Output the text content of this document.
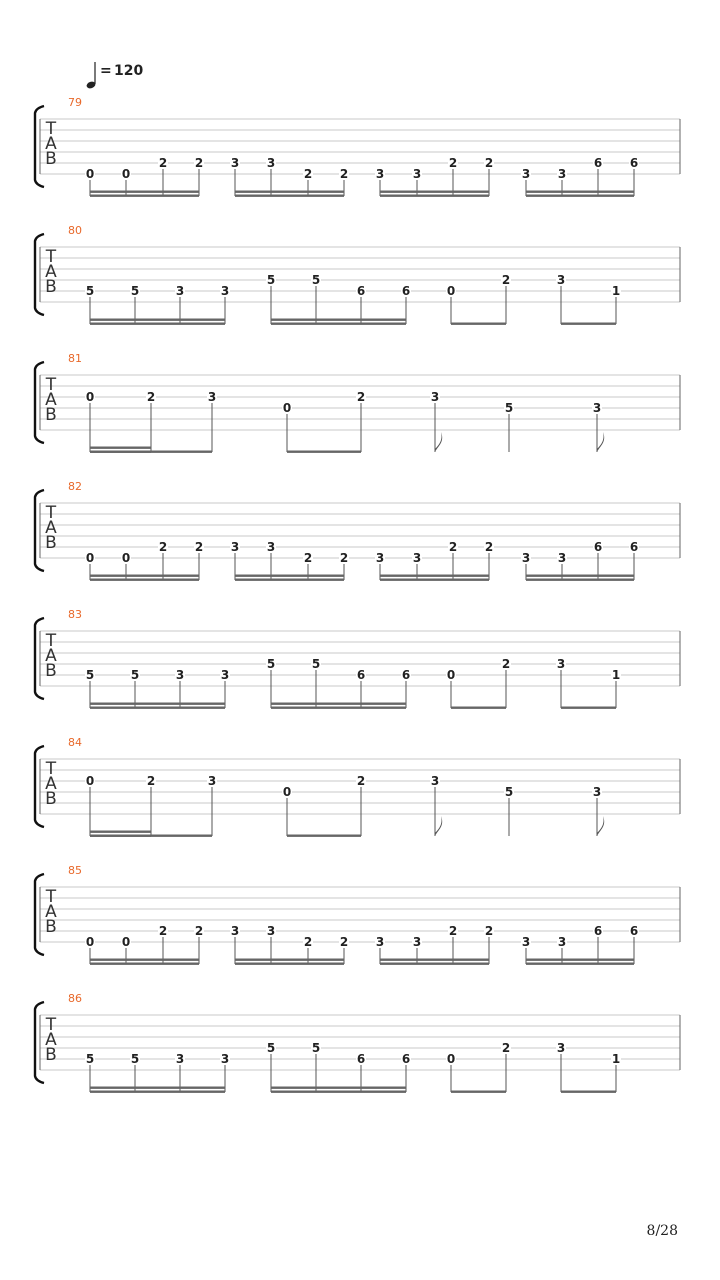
= 120
79
T
A
B
0 0
2 2 3 3
2 2 3 3
2 2
3 3
6 6
80
T
A
B 5	5	3	3
5	5
6	6	0
2	3
1
81
T
A
B
0	2	3
0
2	3
5	3
82
T
A
B
0 0
2 2 3 3
2 2 3 3
2 2
3 3
6 6
83
T
A
B 5	5	3	3
5	5
6	6	0
2	3
1
84
T
A
B
0	2	3
0
2	3
5	3
85
T
A
B
0 0
2 2 3 3
2 2 3 3
2 2
3 3
6 6
86
T
A
B 5	5	3	3
5	5
6	6	0
2	3
1
8/28
